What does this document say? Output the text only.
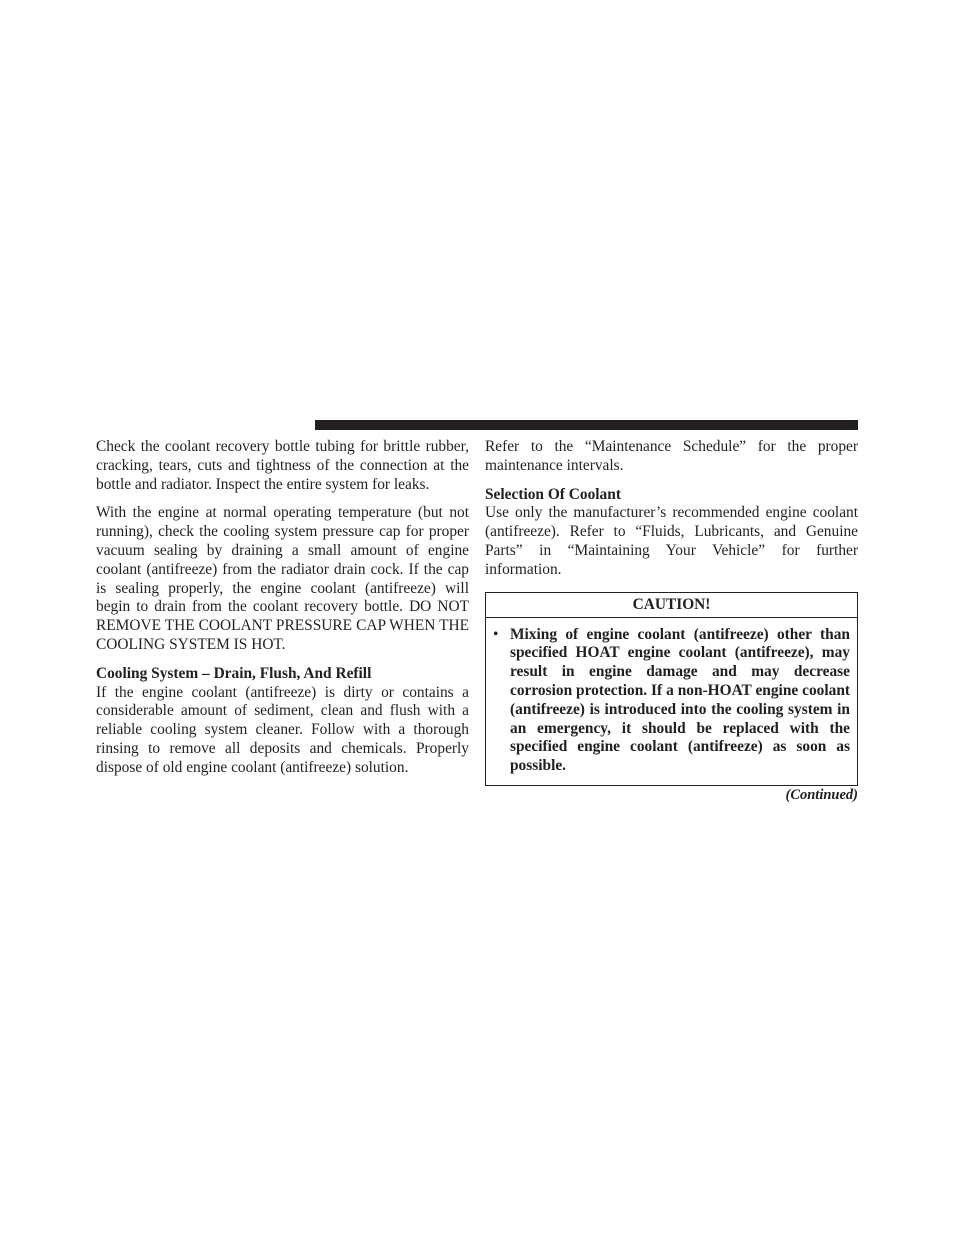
Check the coolant recovery bottle tubing for brittle rubber, cracking, tears, cuts and tightness of the connection at the bottle and radiator. Inspect the entire system for leaks.

With the engine at normal operating temperature (but not running), check the cooling system pressure cap for proper vacuum sealing by draining a small amount of engine coolant (antifreeze) from the radiator drain cock. If the cap is sealing properly, the engine coolant (antifreeze) will begin to drain from the coolant recovery bottle. DO NOT REMOVE THE COOLANT PRESSURE CAP WHEN THE COOLING SYSTEM IS HOT.

Cooling System – Drain, Flush, And Refill

If the engine coolant (antifreeze) is dirty or contains a considerable amount of sediment, clean and flush with a reliable cooling system cleaner. Follow with a thorough rinsing to remove all deposits and chemicals. Properly dispose of old engine coolant (antifreeze) solution.

Refer to the “Maintenance Schedule” for the proper maintenance intervals.

Selection Of Coolant

Use only the manufacturer’s recommended engine coolant (antifreeze). Refer to “Fluids, Lubricants, and Genuine Parts” in “Maintaining Your Vehicle” for further information.

CAUTION!
• Mixing of engine coolant (antifreeze) other than specified HOAT engine coolant (antifreeze), may result in engine damage and may decrease corrosion protection. If a non-HOAT engine coolant (antifreeze) is introduced into the cooling system in an emergency, it should be replaced with the specified engine coolant (antifreeze) as soon as possible.
(Continued)
